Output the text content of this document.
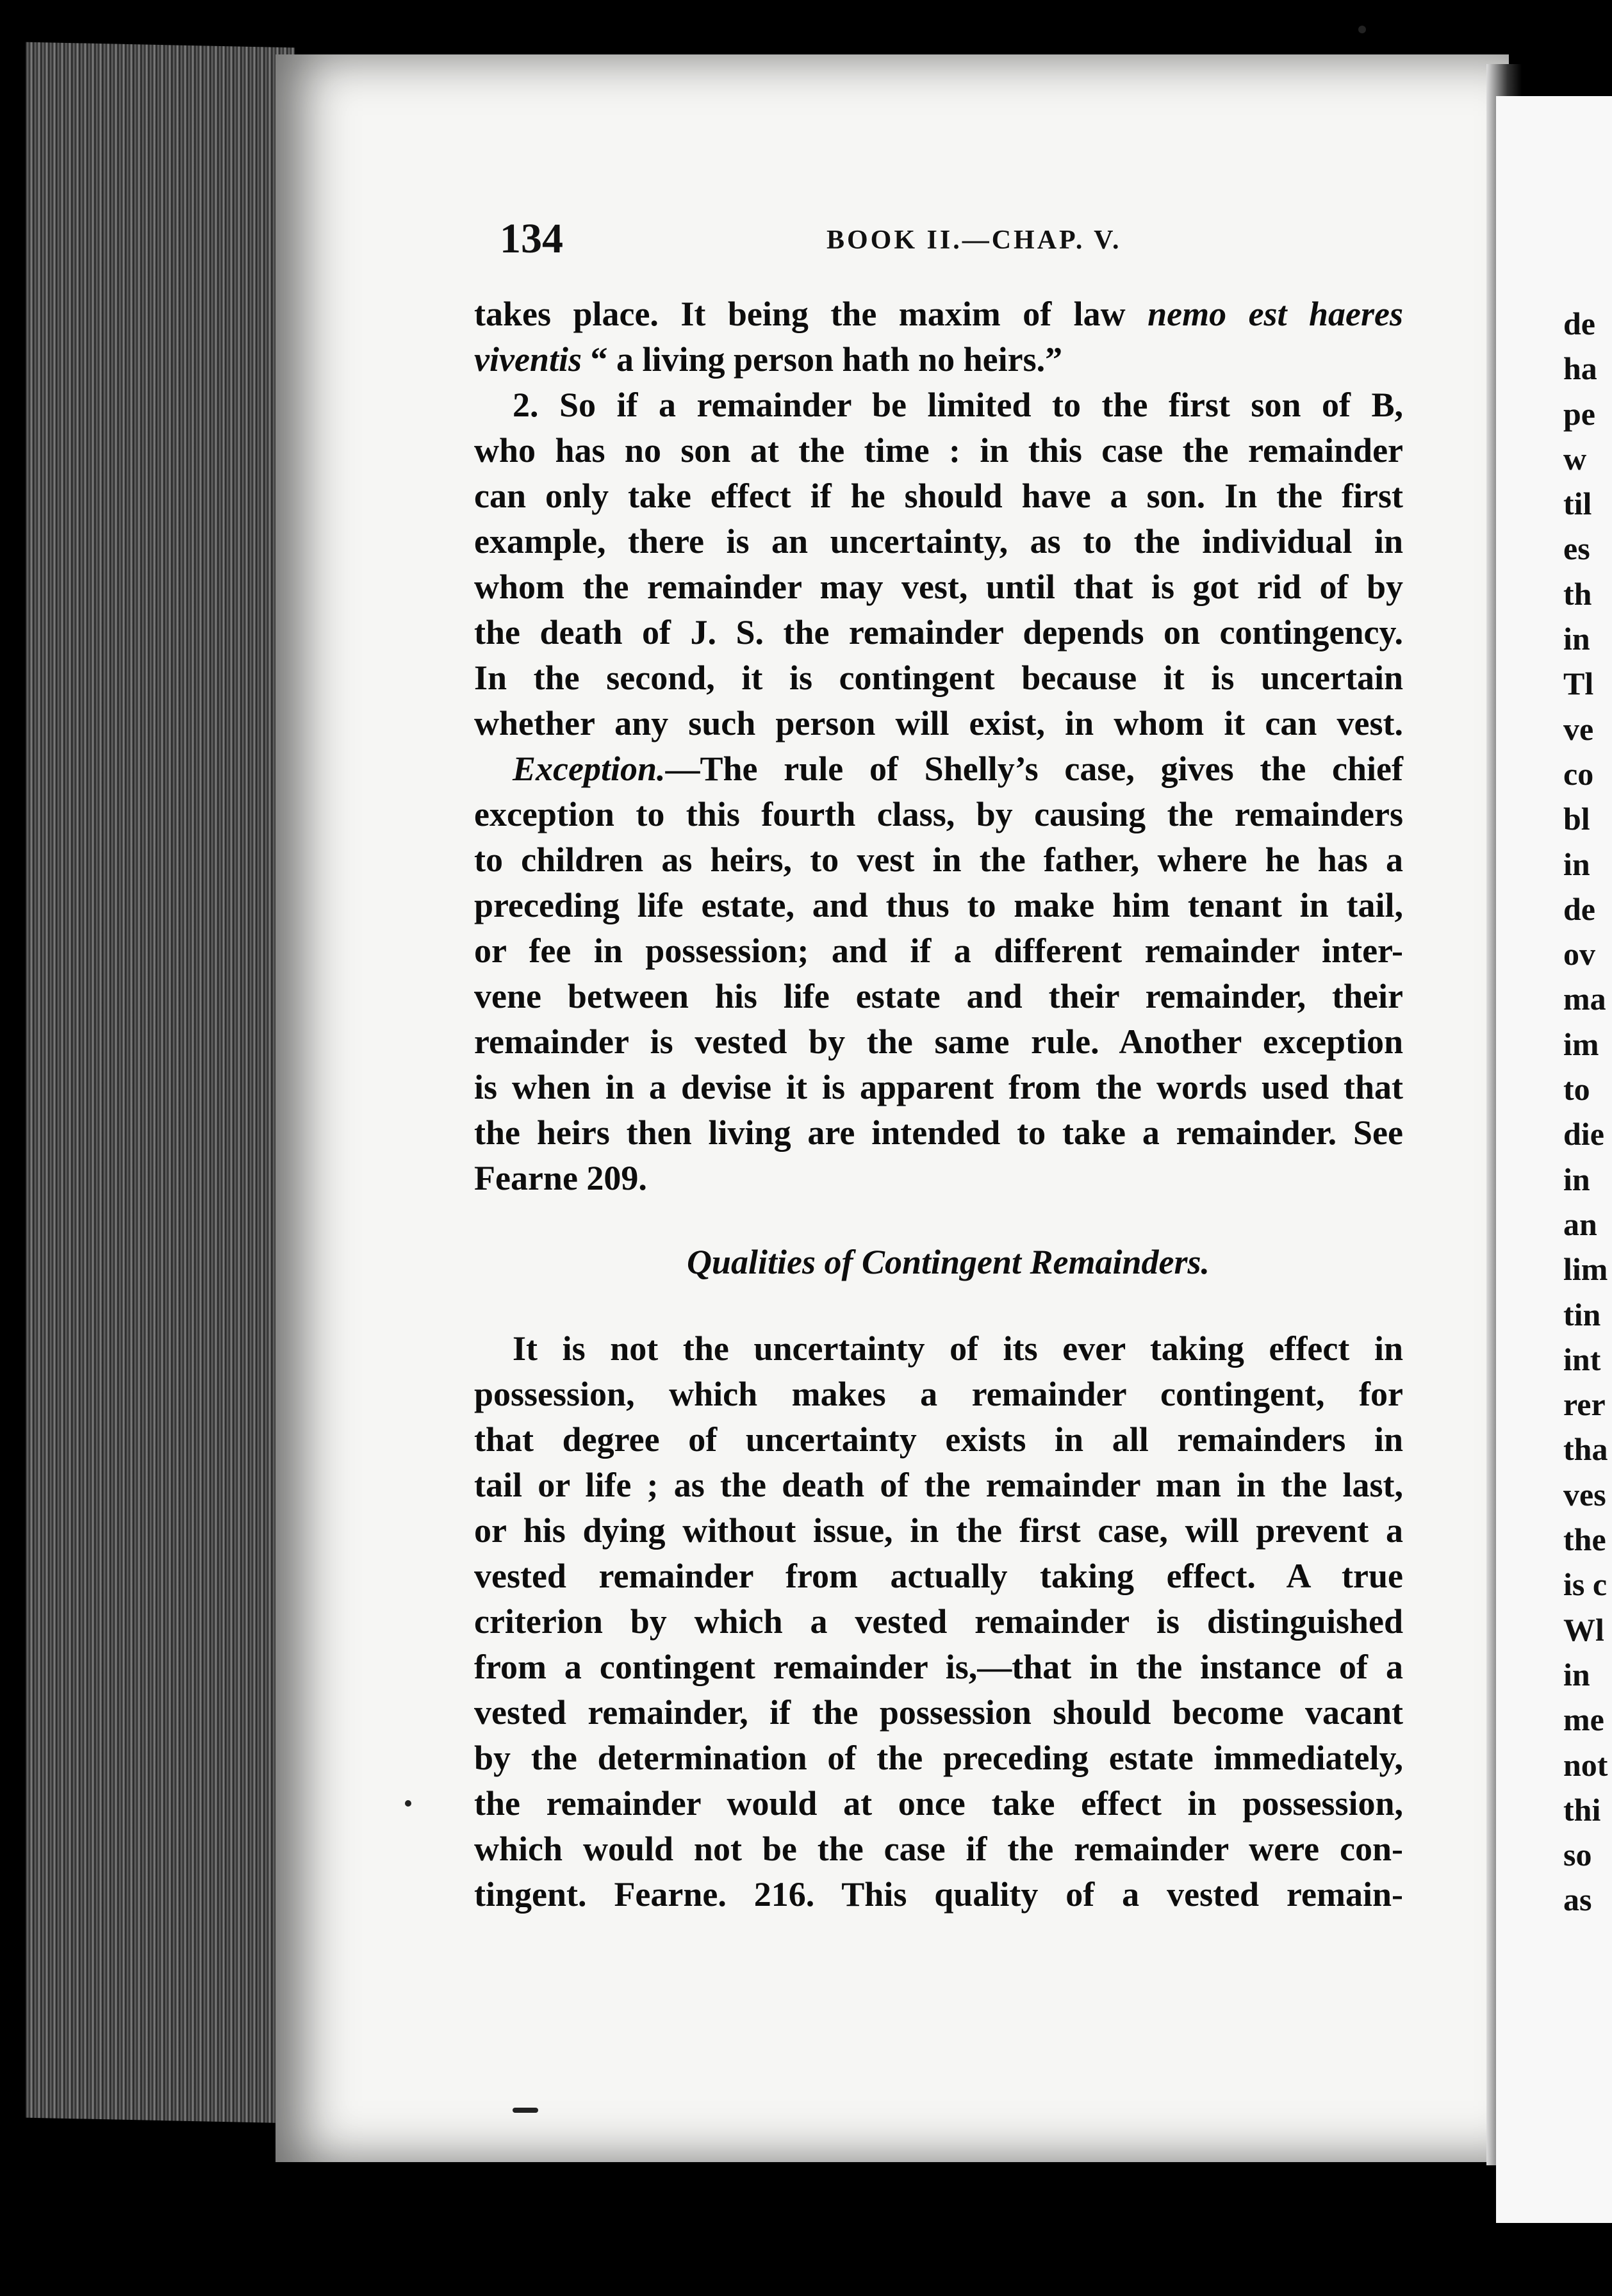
134	BOOK II.—CHAP. V.
takes place. It being the maxim of law nemo est haeres
viventis “ a living person hath no heirs.”
2. So if a remainder be limited to the first son of B,
who has no son at the time : in this case the remainder
can only take effect if he should have a son. In the first
example, there is an uncertainty, as to the individual in
whom the remainder may vest, until that is got rid of by
the death of J. S. the remainder depends on contingency.
In the second, it is contingent because it is uncertain
whether any such person will exist, in whom it can vest.
Exception.—The rule of Shelly’s case, gives the chief
exception to this fourth class, by causing the remainders
to children as heirs, to vest in the father, where he has a
preceding life estate, and thus to make him tenant in tail,
or fee in possession; and if a different remainder inter-
vene between his life estate and their remainder, their
remainder is vested by the same rule. Another exception
is when in a devise it is apparent from the words used that
the heirs then living are intended to take a remainder. See
Fearne 209.
Qualities of Contingent Remainders.
It is not the uncertainty of its ever taking effect in
possession, which makes a remainder contingent, for
that degree of uncertainty exists in all remainders in
tail or life ; as the death of the remainder man in the last,
or his dying without issue, in the first case, will prevent a
vested remainder from actually taking effect. A true
criterion by which a vested remainder is distinguished
from a contingent remainder is,—that in the instance of a
vested remainder, if the possession should become vacant
by the determination of the preceding estate immediately,
the remainder would at once take effect in possession,
which would not be the case if the remainder were con-
tingent. Fearne. 216. This quality of a vested remain-
de
ha
pe
w
til
es
th
in
Tl
ve
co
bl
in
de
ov
ma
im
to
die
in
an
lim
tin
int
rer
tha
ves
the
is c
Wl
in
me
not
thi
so
as
